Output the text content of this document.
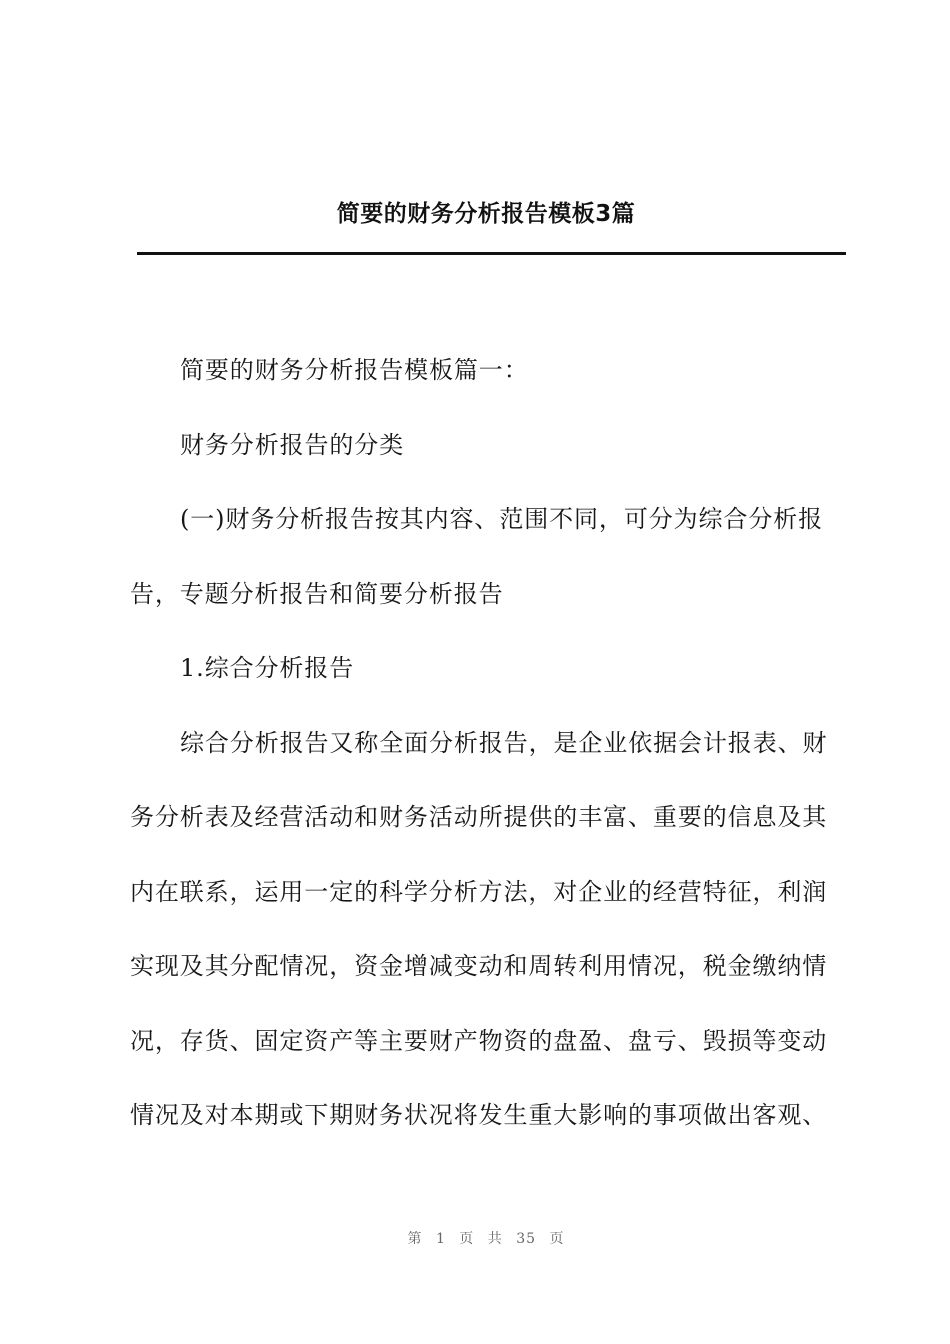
简要的财务分析报告模板3篇
简要的财务分析报告模板篇一：
财务分析报告的分类
(一)财务分析报告按其内容、范围不同，可分为综合分析报
告，专题分析报告和简要分析报告
1.综合分析报告
综合分析报告又称全面分析报告，是企业依据会计报表、财
务分析表及经营活动和财务活动所提供的丰富、重要的信息及其
内在联系，运用一定的科学分析方法，对企业的经营特征，利润
实现及其分配情况，资金增减变动和周转利用情况，税金缴纳情
况，存货、固定资产等主要财产物资的盘盈、盘亏、毁损等变动
情况及对本期或下期财务状况将发生重大影响的事项做出客观、
第 1 页 共 35 页
